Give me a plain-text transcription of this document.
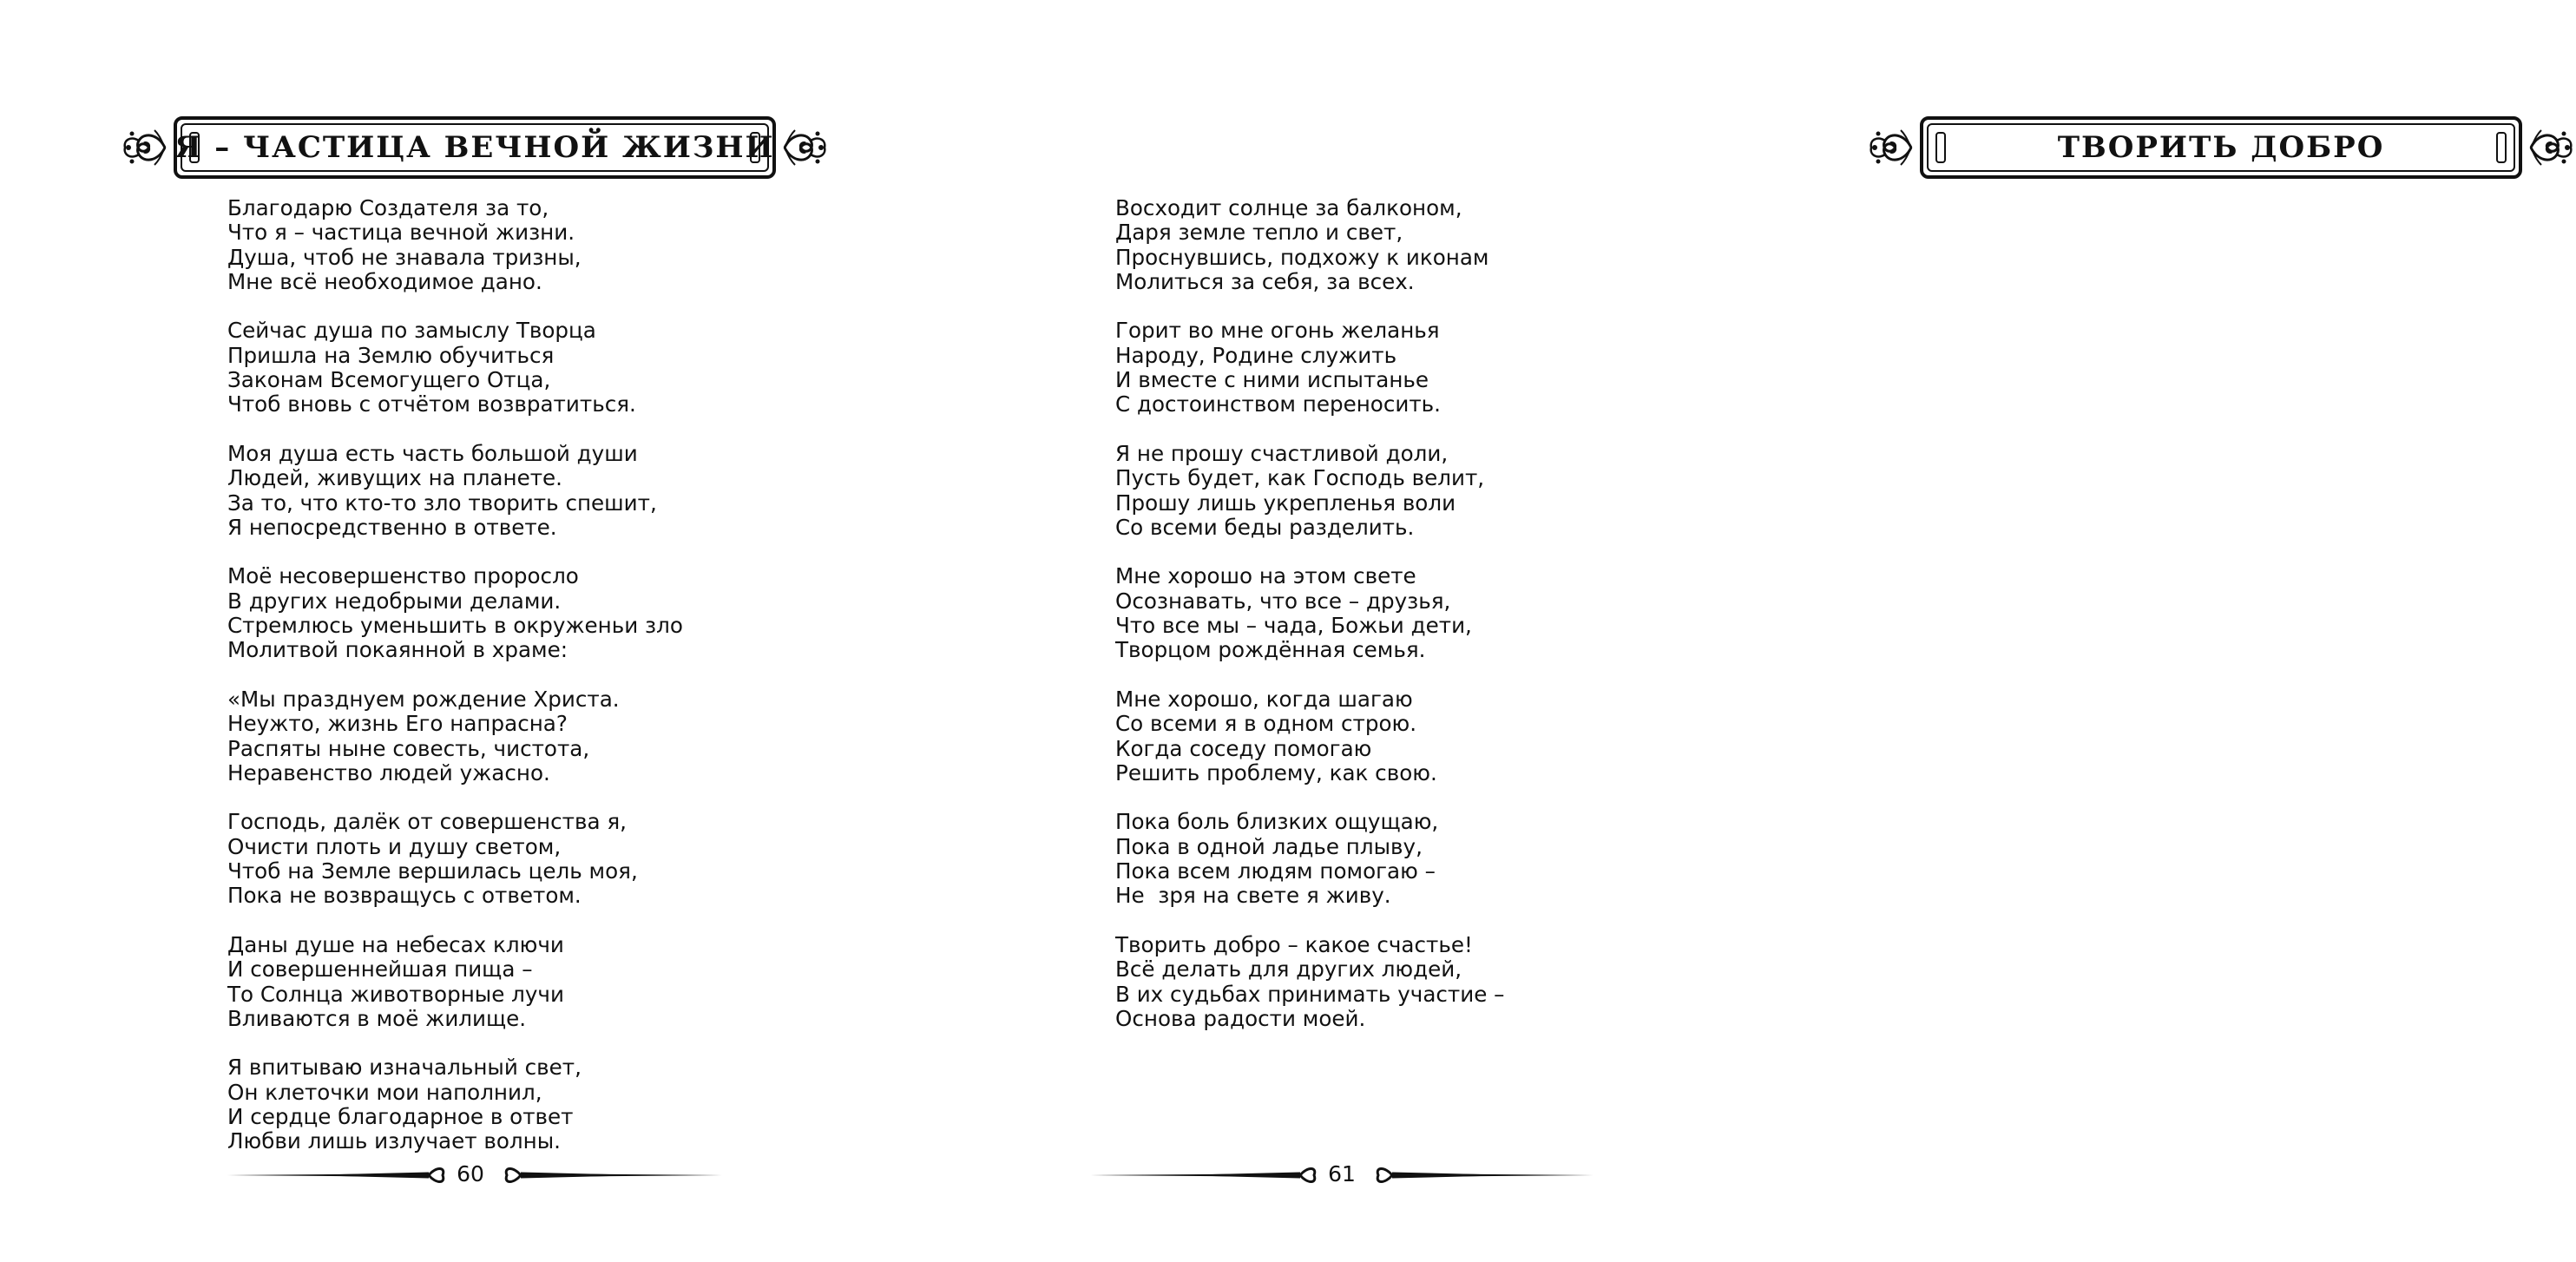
Я – ЧАСТИЦА ВЕЧНОЙ ЖИЗНИ
Благодарю Создателя за то,
Что я – частица вечной жизни.
Душа, чтоб не знавала тризны,
Мне всё необходимое дано.
Сейчас душа по замыслу Творца
Пришла на Землю обучиться
Законам Всемогущего Отца,
Чтоб вновь с отчётом возвратиться.
Моя душа есть часть большой души
Людей, живущих на планете.
За то, что кто-то зло творить спешит,
Я непосредственно в ответе.
Моё несовершенство проросло
В других недобрыми делами.
Стремлюсь уменьшить в окруженьи зло
Молитвой покаянной в храме:
«Мы празднуем рождение Христа.
Неужто, жизнь Его напрасна?
Распяты ныне совесть, чистота,
Неравенство людей ужасно.
Господь, далёк от совершенства я,
Очисти плоть и душу светом,
Чтоб на Земле вершилась цель моя,
Пока не возвращусь с ответом.
Даны душе на небесах ключи
И совершеннейшая пища –
То Солнца животворные лучи
Вливаются в моё жилище.
Я впитываю изначальный свет,
Он клеточки мои наполнил,
И сердце благодарное в ответ
Любви лишь излучает волны.
60
ТВОРИТЬ ДОБРО
Восходит солнце за балконом,
Даря земле тепло и свет,
Проснувшись, подхожу к иконам
Молиться за себя, за всех.
Горит во мне огонь желанья
Народу, Родине служить
И вместе с ними испытанье
С достоинством переносить.
Я не прошу счастливой доли,
Пусть будет, как Господь велит,
Прошу лишь укрепленья воли
Со всеми беды разделить.
Мне хорошо на этом свете
Осознавать, что все – друзья,
Что все мы – чада, Божьи дети,
Творцом рождённая семья.
Мне хорошо, когда шагаю
Со всеми я в одном строю.
Когда соседу помогаю
Решить проблему, как свою.
Пока боль близких ощущаю,
Пока в одной ладье плыву,
Пока всем людям помогаю –
Не  зря на свете я живу.
Творить добро – какое счастье!
Всё делать для других людей,
В их судьбах принимать участие –
Основа радости моей.
61
